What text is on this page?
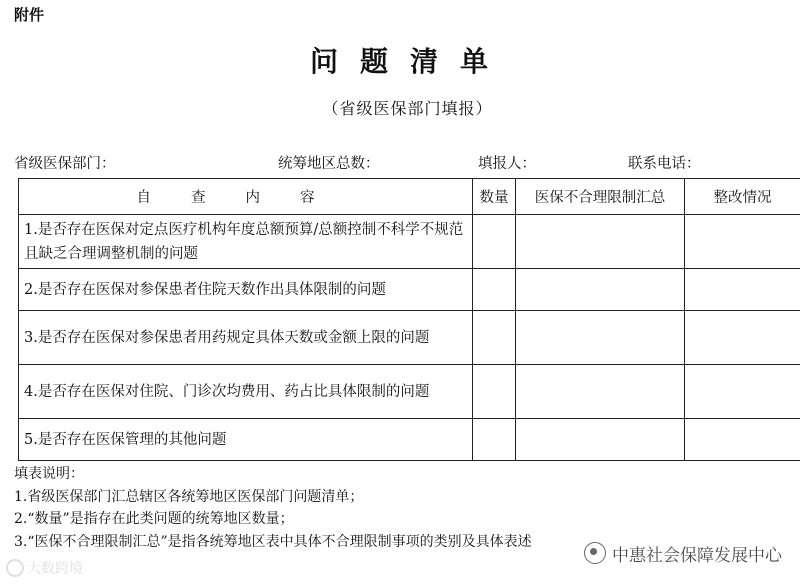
附件
问题清单
（省级医保部门填报）
省级医保部门：	统筹地区总数：	填报人：	联系电话：
自查内容	数量	医保不合理限制汇总	整改情况
1.是否存在医保对定点医疗机构年度总额预算/总额控制不科学不规范且缺乏合理调整机制的问题			
2.是否存在医保对参保患者住院天数作出具体限制的问题			
3.是否存在医保对参保患者用药规定具体天数或金额上限的问题			
4.是否存在医保对住院、门诊次均费用、药占比具体限制的问题			
5.是否存在医保管理的其他问题			
填表说明：
1.省级医保部门汇总辖区各统筹地区医保部门问题清单；
2.“数量”是指存在此类问题的统筹地区数量；
3.“医保不合理限制汇总”是指各统筹地区表中具体不合理限制事项的类别及具体表述
中惠社会保障发展中心
大数跨境
